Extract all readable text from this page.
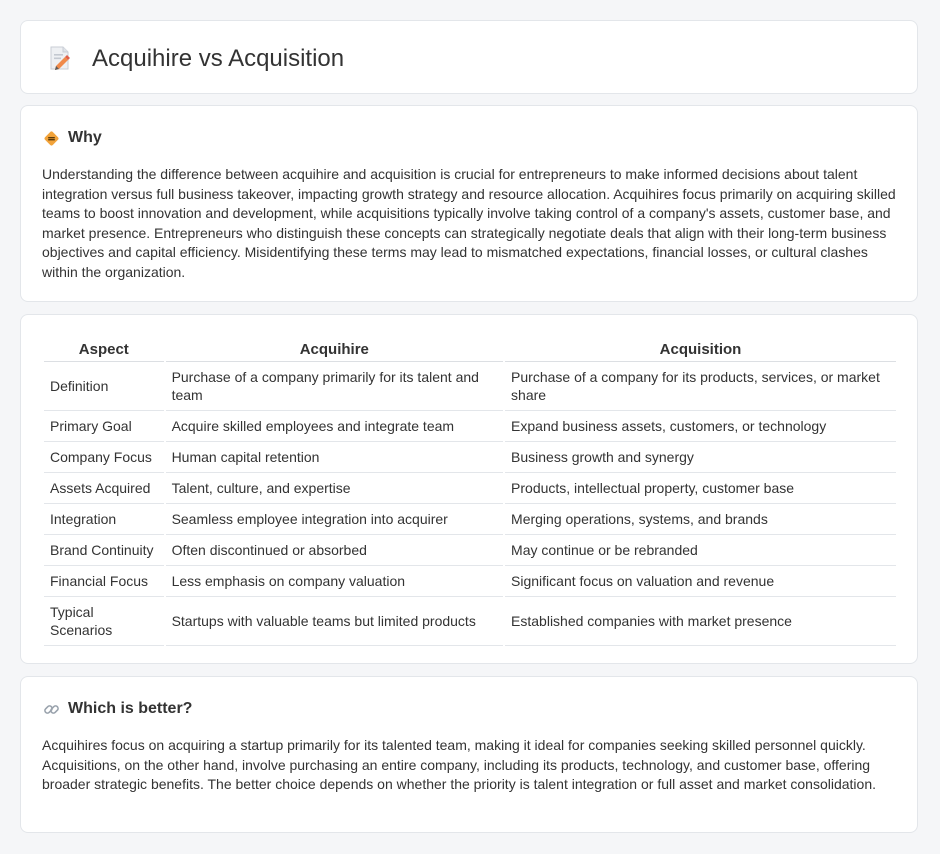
Acquihire vs Acquisition
Why

Understanding the difference between acquihire and acquisition is crucial for entrepreneurs to make informed decisions about talent integration versus full business takeover, impacting growth strategy and resource allocation. Acquihires focus primarily on acquiring skilled teams to boost innovation and development, while acquisitions typically involve taking control of a company's assets, customer base, and market presence. Entrepreneurs who distinguish these concepts can strategically negotiate deals that align with their long-term business objectives and capital efficiency. Misidentifying these terms may lead to mismatched expectations, financial losses, or cultural clashes within the organization.

Aspect	Acquihire	Acquisition
Definition	Purchase of a company primarily for its talent and team	Purchase of a company for its products, services, or market share
Primary Goal	Acquire skilled employees and integrate team	Expand business assets, customers, or technology
Company Focus	Human capital retention	Business growth and synergy
Assets Acquired	Talent, culture, and expertise	Products, intellectual property, customer base
Integration	Seamless employee integration into acquirer	Merging operations, systems, and brands
Brand Continuity	Often discontinued or absorbed	May continue or be rebranded
Financial Focus	Less emphasis on company valuation	Significant focus on valuation and revenue
Typical Scenarios	Startups with valuable teams but limited products	Established companies with market presence
Which is better?

Acquihires focus on acquiring a startup primarily for its talented team, making it ideal for companies seeking skilled personnel quickly. Acquisitions, on the other hand, involve purchasing an entire company, including its products, technology, and customer base, offering broader strategic benefits. The better choice depends on whether the priority is talent integration or full asset and market consolidation.
